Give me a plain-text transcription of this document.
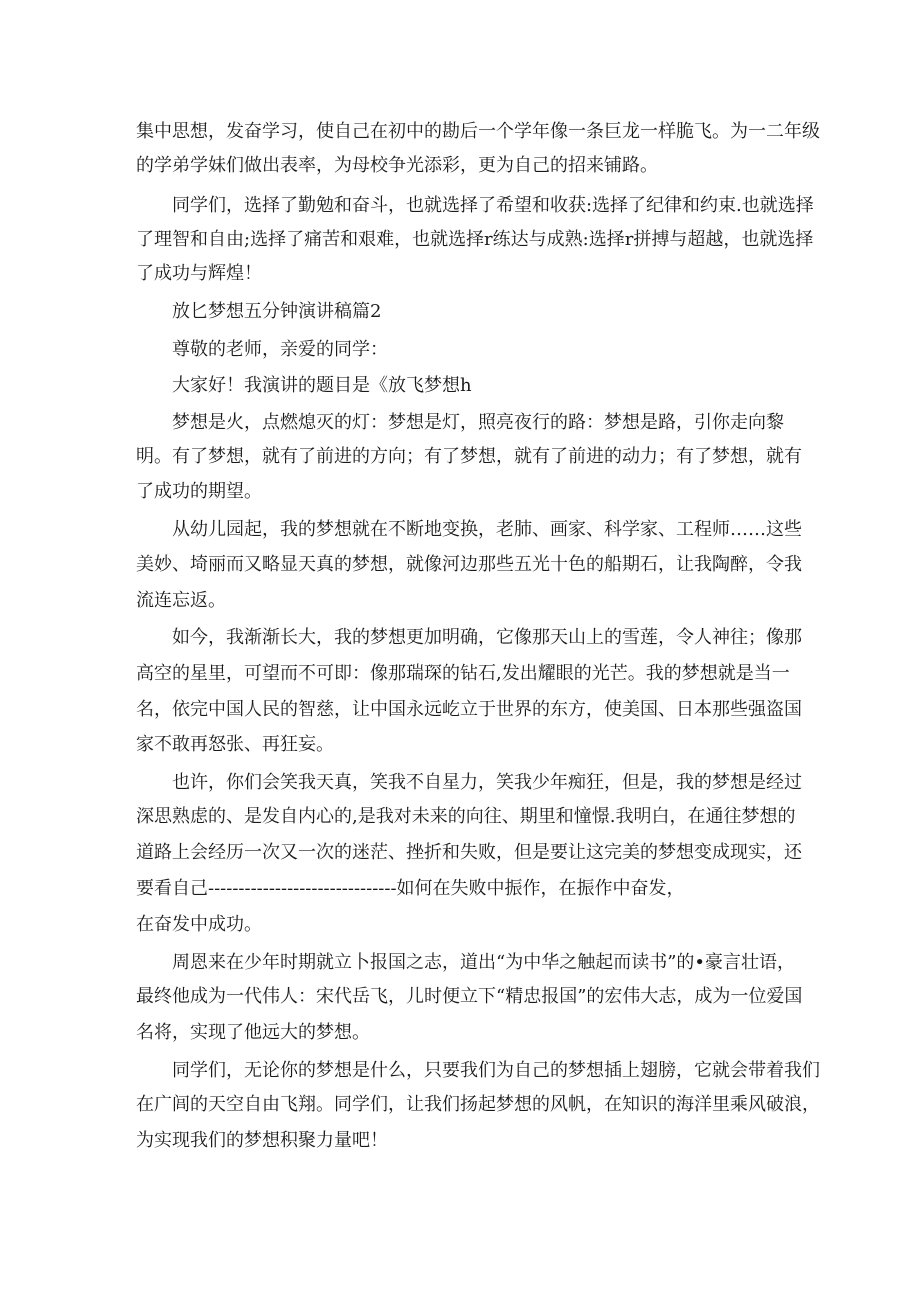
集中思想，发奋学习，使自己在初中的勘后一个学年像一条巨龙一样脆飞。为一二年级
的学弟学妹们做出表率，为母校争光添彩，更为自己的招来铺路。
同学们，选择了勤勉和奋斗，也就选择了希望和收获:选择了纪律和约束.也就选择
了理智和自由;选择了痛苦和艰难，也就选择r练达与成熟:选择r拼搏与超越，也就选择
了成功与辉煌！
放匕梦想五分钟演讲稿篇2
尊敬的老师，亲爱的同学：
大家好！我演讲的题目是《放飞梦想h
梦想是火，点燃熄灭的灯：梦想是灯，照亮夜行的路：梦想是路，引你走向黎
明。有了梦想，就有了前进的方向；有了梦想，就有了前进的动力；有了梦想，就有
了成功的期望。
从幼儿园起，我的梦想就在不断地变换，老肺、画家、科学家、工程师……这些
美妙、埼丽而又略显天真的梦想，就像河边那些五光十色的船期石，让我陶醉，令我
流连忘返。
如今，我渐渐长大，我的梦想更加明确，它像那天山上的雪莲，令人神往；像那
高空的星里，可望而不可即：像那瑞琛的钻石,发出耀眼的光芒。我的梦想就是当一
名，依完中国人民的智慈，让中国永远屹立于世界的东方，使美国、日本那些强盗国
家不敢再怒张、再狂妄。
也许，你们会笑我天真，笑我不自星力，笑我少年痴狂，但是，我的梦想是经过
深思熟虑的、是发自内心的,是我对未来的向往、期里和憧憬.我明白，在通往梦想的
道路上会经历一次又一次的迷茫、挫折和失败，但是要让这完美的梦想变成现实，还
要看自己-------------------------------如何在失败中振作，在振作中奋发，
在奋发中成功。
周恩来在少年时期就立卜报国之志，道出“为中华之触起而读书”的•豪言壮语，
最终他成为一代伟人：宋代岳飞，儿时便立下“精忠报国”的宏伟大志，成为一位爱国
名将，实现了他远大的梦想。
同学们，无论你的梦想是什么，只要我们为自己的梦想插上翅膀，它就会带着我们
在广闾的天空自由飞翔。同学们，让我们扬起梦想的风帆，在知识的海洋里乘风破浪，
为实现我们的梦想积聚力量吧！
